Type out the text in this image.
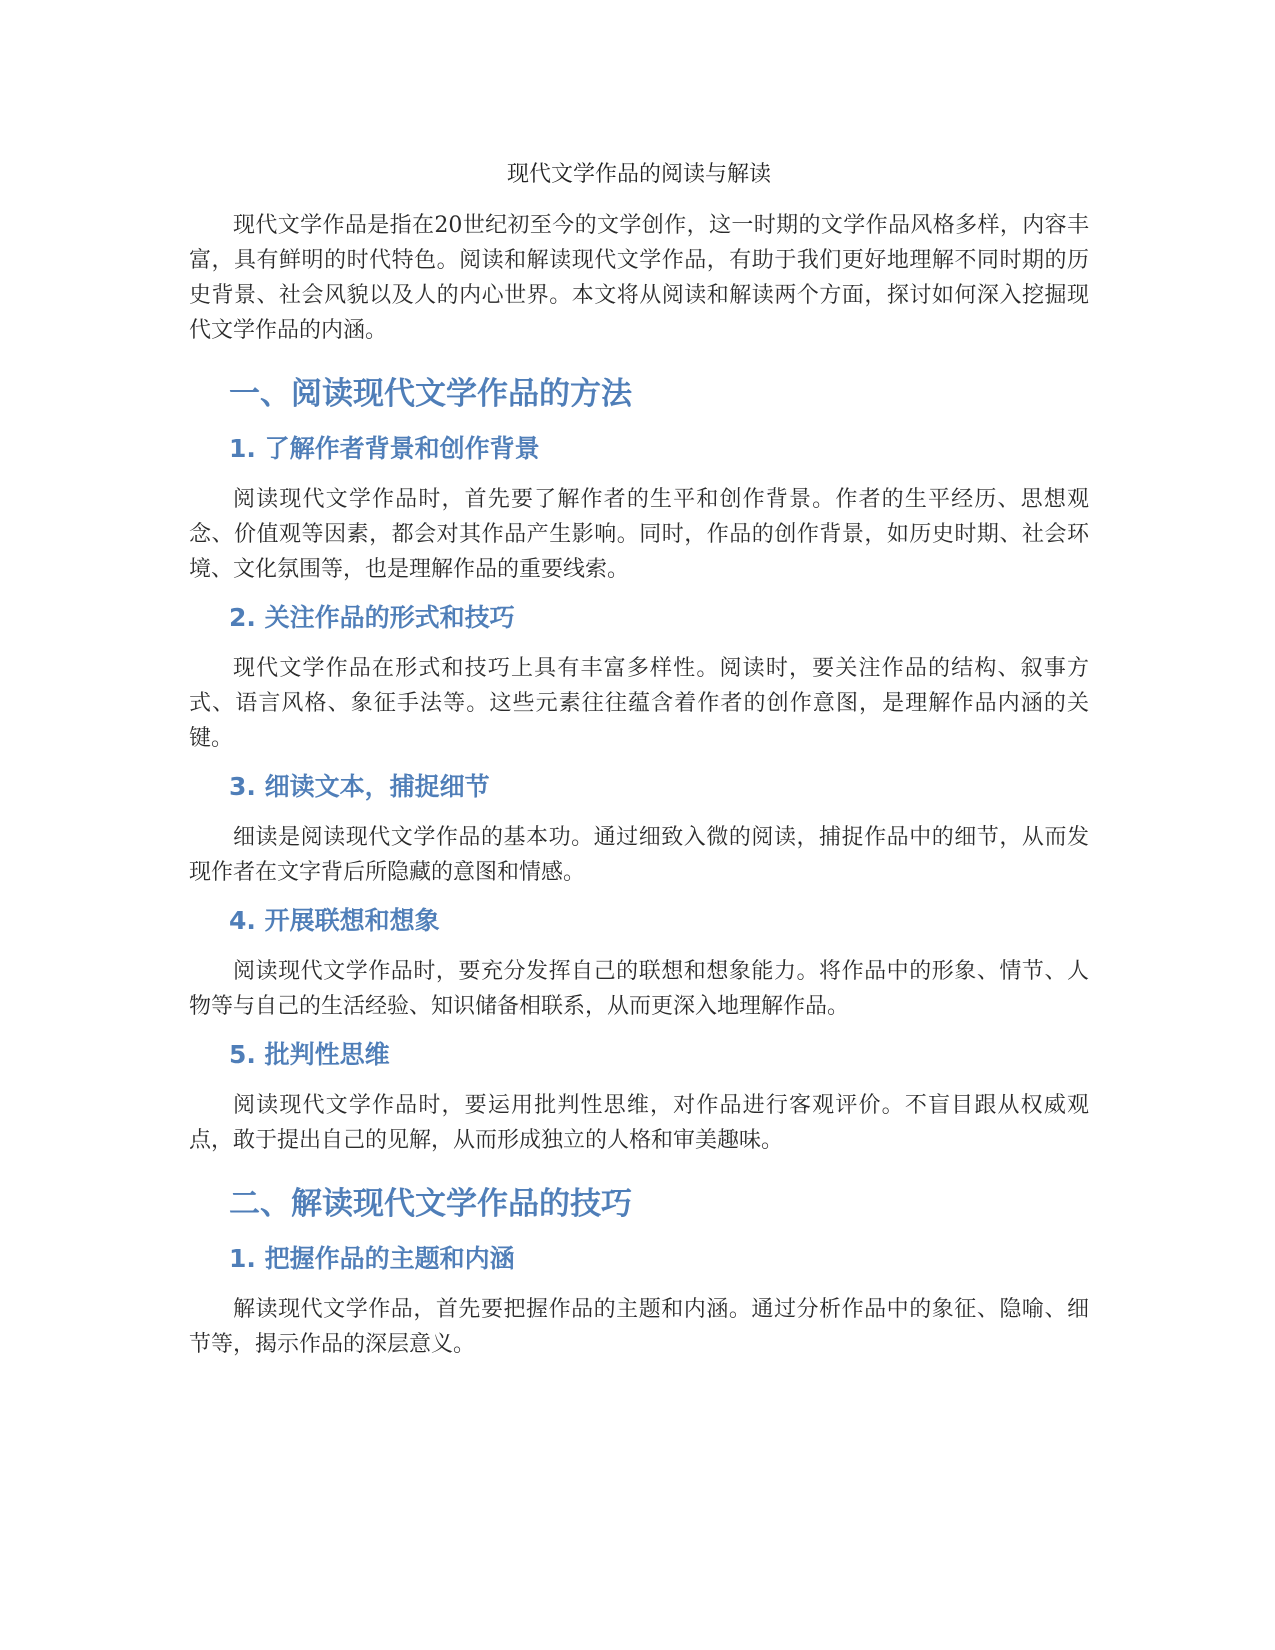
现代文学作品的阅读与解读

现代文学作品是指在20世纪初至今的文学创作，这一时期的文学作品风格多样，内容丰富，具有鲜明的时代特色。阅读和解读现代文学作品，有助于我们更好地理解不同时期的历史背景、社会风貌以及人的内心世界。本文将从阅读和解读两个方面，探讨如何深入挖掘现代文学作品的内涵。

一、阅读现代文学作品的方法
1. 了解作者背景和创作背景

阅读现代文学作品时，首先要了解作者的生平和创作背景。作者的生平经历、思想观念、价值观等因素，都会对其作品产生影响。同时，作品的创作背景，如历史时期、社会环境、文化氛围等，也是理解作品的重要线索。

2. 关注作品的形式和技巧

现代文学作品在形式和技巧上具有丰富多样性。阅读时，要关注作品的结构、叙事方式、语言风格、象征手法等。这些元素往往蕴含着作者的创作意图，是理解作品内涵的关键。

3. 细读文本，捕捉细节

细读是阅读现代文学作品的基本功。通过细致入微的阅读，捕捉作品中的细节，从而发现作者在文字背后所隐藏的意图和情感。

4. 开展联想和想象

阅读现代文学作品时，要充分发挥自己的联想和想象能力。将作品中的形象、情节、人物等与自己的生活经验、知识储备相联系，从而更深入地理解作品。

5. 批判性思维

阅读现代文学作品时，要运用批判性思维，对作品进行客观评价。不盲目跟从权威观点，敢于提出自己的见解，从而形成独立的人格和审美趣味。

二、解读现代文学作品的技巧
1. 把握作品的主题和内涵

解读现代文学作品，首先要把握作品的主题和内涵。通过分析作品中的象征、隐喻、细节等，揭示作品的深层意义。
